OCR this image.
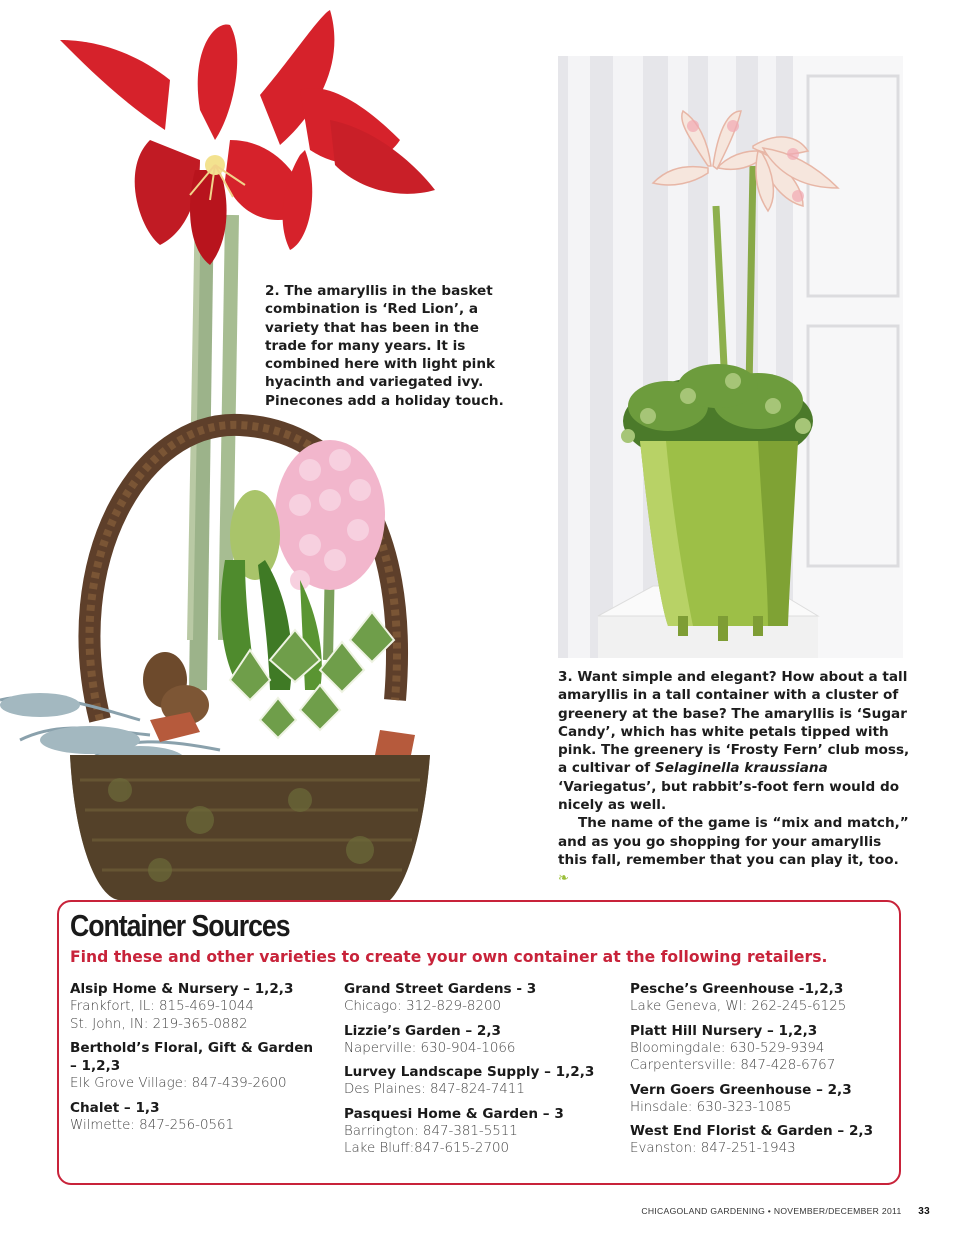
2. The amaryllis in the basket combination is ‘Red Lion’, a variety that has been in the trade for many years. It is combined here with light pink hyacinth and variegated ivy. Pinecones add a holiday touch.

3. Want simple and elegant? How about a tall amaryllis in a tall container with a cluster of greenery at the base? The amaryllis is ‘Sugar Candy’, which has white petals tipped with pink. The greenery is ‘Frosty Fern’ club moss, a cultivar of Selaginella kraussiana ‘Variegatus’, but rabbit’s-foot fern would do nicely as well.

The name of the game is “mix and match,” and as you go shopping for your amaryllis this fall, remember that you can play it, too. ❧

Container Sources
Find these and other varieties to create your own container at the following retailers.
Alsip Home & Nursery – 1,2,3
Frankfort, IL: 815-469-1044
St. John, IN: 219-365-0882
Berthold’s Floral, Gift & Garden – 1,2,3
Elk Grove Village: 847-439-2600
Chalet – 1,3
Wilmette: 847-256-0561
Grand Street Gardens - 3
Chicago: 312-829-8200
Lizzie’s Garden – 2,3
Naperville: 630-904-1066
Lurvey Landscape Supply – 1,2,3
Des Plaines: 847-824-7411
Pasquesi Home & Garden – 3
Barrington: 847-381-5511
Lake Bluff:847-615-2700
Pesche’s Greenhouse -1,2,3
Lake Geneva, WI: 262-245-6125
Platt Hill Nursery – 1,2,3
Bloomingdale: 630-529-9394
Carpentersville: 847-428-6767
Vern Goers Greenhouse – 2,3
Hinsdale: 630-323-1085
West End Florist & Garden – 2,3
Evanston: 847-251-1943
CHICAGOLAND GARDENING • NOVEMBER/DECEMBER 2011 33
